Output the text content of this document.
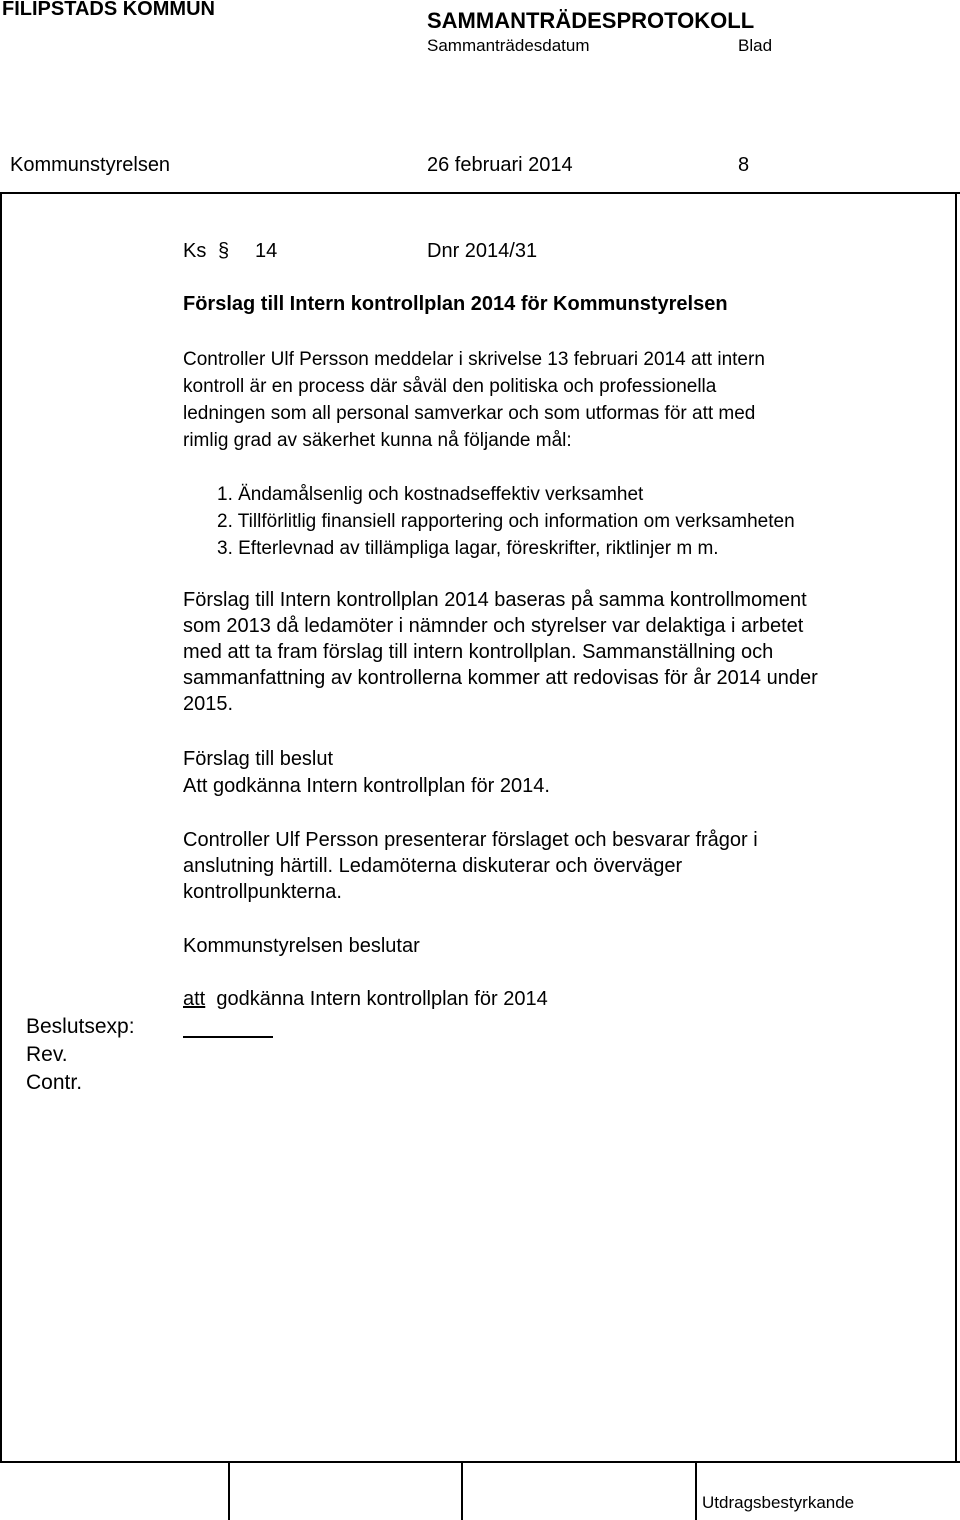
FILIPSTADS KOMMUN	SAMMANTRÄDESPROTOKOLL
Sammanträdesdatum	Blad
Kommunstyrelsen	26 februari 2014	8
Ks § 14	Dnr 2014/31
Förslag till Intern kontrollplan 2014 för Kommunstyrelsen
Controller Ulf Persson meddelar i skrivelse 13 februari 2014 att intern
kontroll är en process där såväl den politiska och professionella
ledningen som all personal samverkar och som utformas för att med
rimlig grad av säkerhet kunna nå följande mål:
1. Ändamålsenlig och kostnadseffektiv verksamhet
2. Tillförlitlig finansiell rapportering och information om verksamheten
3. Efterlevnad av tillämpliga lagar, föreskrifter, riktlinjer m m.
Förslag till Intern kontrollplan 2014 baseras på samma kontrollmoment
som 2013 då ledamöter i nämnder och styrelser var delaktiga i arbetet
med att ta fram förslag till intern kontrollplan. Sammanställning och
sammanfattning av kontrollerna kommer att redovisas för år 2014 under
2015.
Förslag till beslut
Att godkänna Intern kontrollplan för 2014.
Controller Ulf Persson presenterar förslaget och besvarar frågor i
anslutning härtill. Ledamöterna diskuterar och överväger
kontrollpunkterna.
Kommunstyrelsen beslutar
att godkänna Intern kontrollplan för 2014
Beslutsexp:
Rev.
Contr.
Utdragsbestyrkande
